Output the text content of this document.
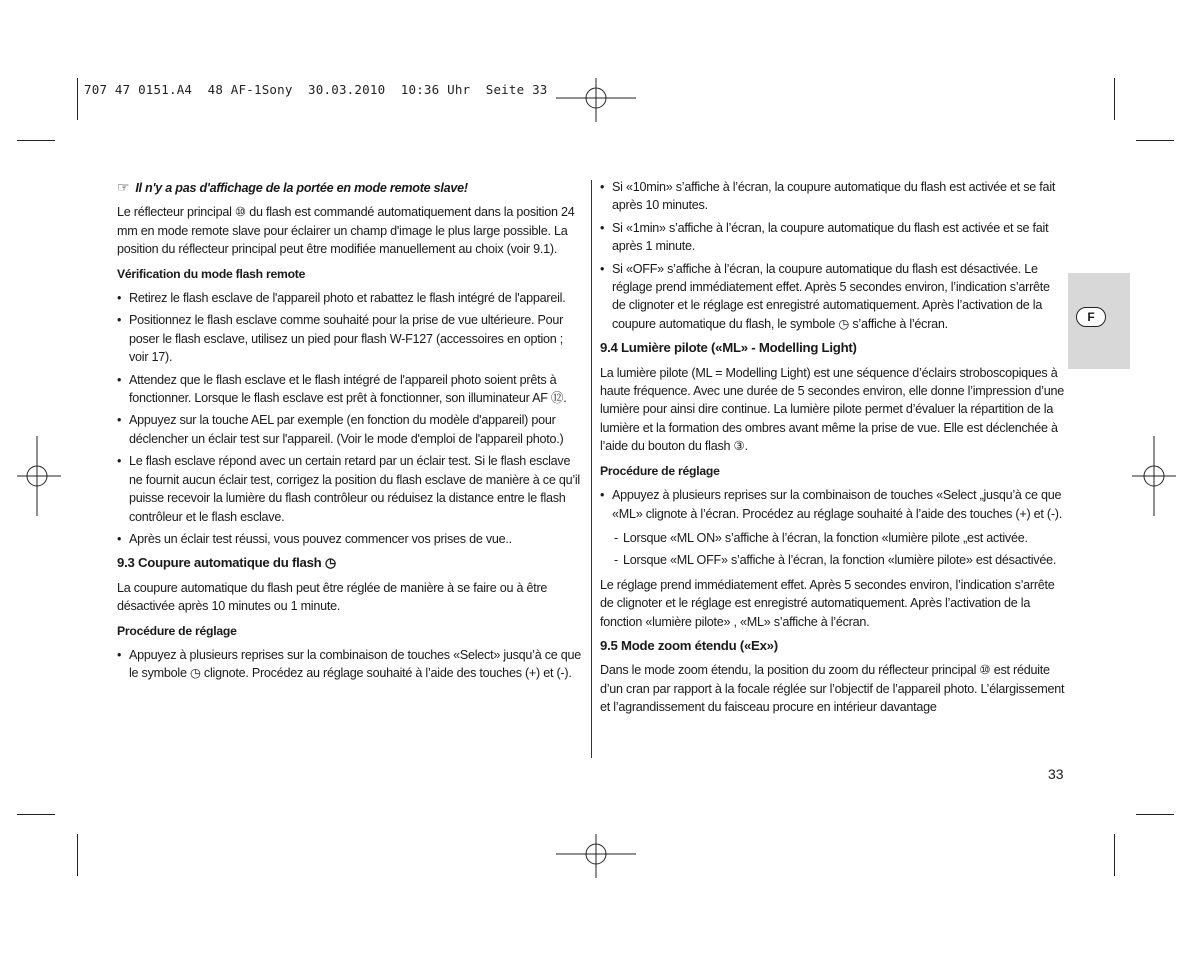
707 47 0151.A4  48 AF-1Sony  30.03.2010  10:36 Uhr  Seite 33

☞ Il n'y a pas d'affichage de la portée en mode remote slave!

Le réflecteur principal ⑩ du flash est commandé automatiquement dans la position 24 mm en mode remote slave pour éclairer un champ d'image le plus large possible. La position du réflecteur principal peut être modifiée manuellement au choix (voir 9.1).

Vérification du mode flash remote

• Retirez le flash esclave de l'appareil photo et rabattez le flash intégré de l'appareil.
• Positionnez le flash esclave comme souhaité pour la prise de vue ultérieure. Pour poser le flash esclave, utilisez un pied pour flash W-F127 (accessoires en option ; voir 17).
• Attendez que le flash esclave et le flash intégré de l'appareil photo soient prêts à fonctionner. Lorsque le flash esclave est prêt à fonctionner, son illuminateur AF ⑫.
• Appuyez sur la touche AEL par exemple (en fonction du modèle d'appareil) pour déclencher un éclair test sur l'appareil. (Voir le mode d'emploi de l'appareil photo.)
• Le flash esclave répond avec un certain retard par un éclair test. Si le flash esclave ne fournit aucun éclair test, corrigez la position du flash esclave de manière à ce qu’il puisse recevoir la lumière du flash contrôleur ou réduisez la distance entre le flash contrôleur et le flash esclave.
• Après un éclair test réussi, vous pouvez commencer vos prises de vue..

9.3 Coupure automatique du flash ◷

La coupure automatique du flash peut être réglée de manière à se faire ou à être désactivée après 10 minutes ou 1 minute.

Procédure de réglage

• Appuyez à plusieurs reprises sur la combinaison de touches «Select» jusqu’à ce que le symbole ◷ clignote. Procédez au réglage souhaité à l’aide des touches (+) et (-).
• Si «10min» s’affiche à l’écran, la coupure automatique du flash est activée et se fait après 10 minutes.
• Si «1min» s’affiche à l’écran, la coupure automatique du flash est activée et se fait après 1 minute.
• Si «OFF» s’affiche à l’écran, la coupure automatique du flash est désactivée. Le réglage prend immédiatement effet. Après 5 secondes environ, l’indication s’arrête de clignoter et le réglage est enregistré automatiquement. Après l’activation de la coupure automatique du flash, le symbole ◷ s’affiche à l’écran.

9.4 Lumière pilote («ML» - Modelling Light)

La lumière pilote (ML = Modelling Light) est une séquence d’éclairs stroboscopiques à haute fréquence. Avec une durée de 5 secondes environ, elle donne l’impression d’une lumière pour ainsi dire continue. La lumière pilote permet d’évaluer la répartition de la lumière et la formation des ombres avant même la prise de vue. Elle est déclenchée à l’aide du bouton du flash ③.

Procédure de réglage

• Appuyez à plusieurs reprises sur la combinaison de touches «Select „jusqu’à ce que «ML» clignote à l’écran. Procédez au réglage souhaité à l’aide des touches (+) et (-).
- Lorsque «ML ON» s’affiche à l’écran, la fonction «lumière pilote „est activée.
- Lorsque «ML OFF» s’affiche à l’écran, la fonction «lumière pilote» est désactivée.

Le réglage prend immédiatement effet. Après 5 secondes environ, l’indication s’arrête de clignoter et le réglage est enregistré automatiquement. Après l’activation de la fonction «lumière pilote» , «ML» s’affiche à l’écran.

9.5 Mode zoom étendu («Ex»)

Dans le mode zoom étendu, la position du zoom du réflecteur principal ⑩ est réduite d’un cran par rapport à la focale réglée sur l’objectif de l’appareil photo. L’élargissement et l’agrandissement du faisceau procure en intérieur davantage

F
33
